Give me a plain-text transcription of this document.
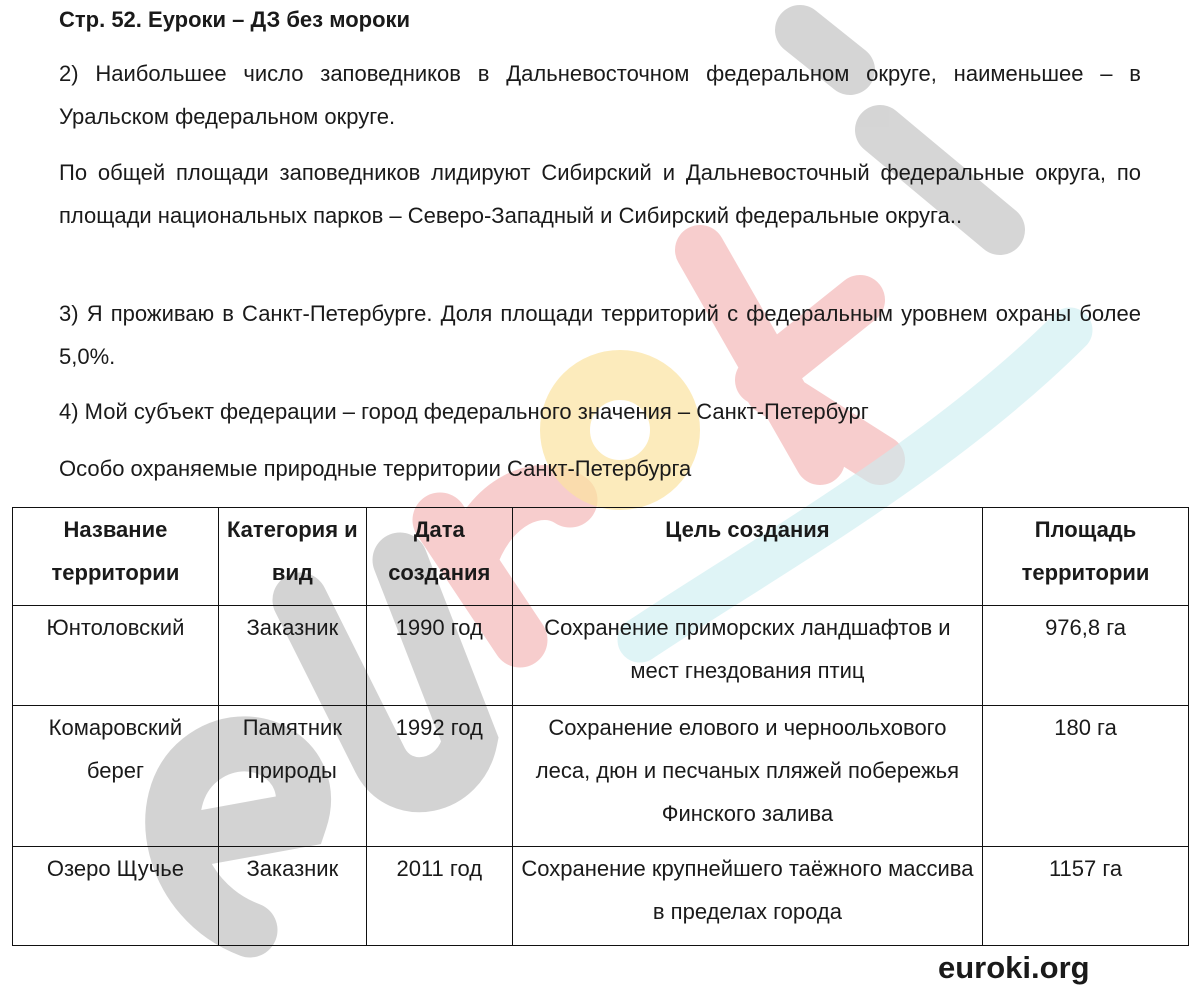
Стр. 52. Еуроки – ДЗ без мороки

2) Наибольшее число заповедников в Дальневосточном федеральном округе, наименьшее – в Уральском федеральном округе.

По общей площади заповедников лидируют Сибирский и Дальневосточный федеральные округа, по площади национальных парков – Северо-Западный и Сибирский федеральные округа..

3) Я проживаю в Санкт-Петербурге. Доля площади территорий с федеральным уровнем охраны более 5,0%.

4) Мой субъект федерации – город федерального значения – Санкт-Петербург

Особо охраняемые природные территории Санкт-Петербурга

Название территории	Категория и вид	Дата создания	Цель создания	Площадь территории
Юнтоловский	Заказник	1990 год	Сохранение приморских ландшафтов и мест гнездования птиц	976,8 га
Комаровский берег	Памятник природы	1992 год	Сохранение елового и черноольхового леса, дюн и песчаных пляжей побережья Финского залива	180 га
Озеро Щучье	Заказник	2011 год	Сохранение крупнейшего таёжного массива в пределах города	1157 га
euroki.org
